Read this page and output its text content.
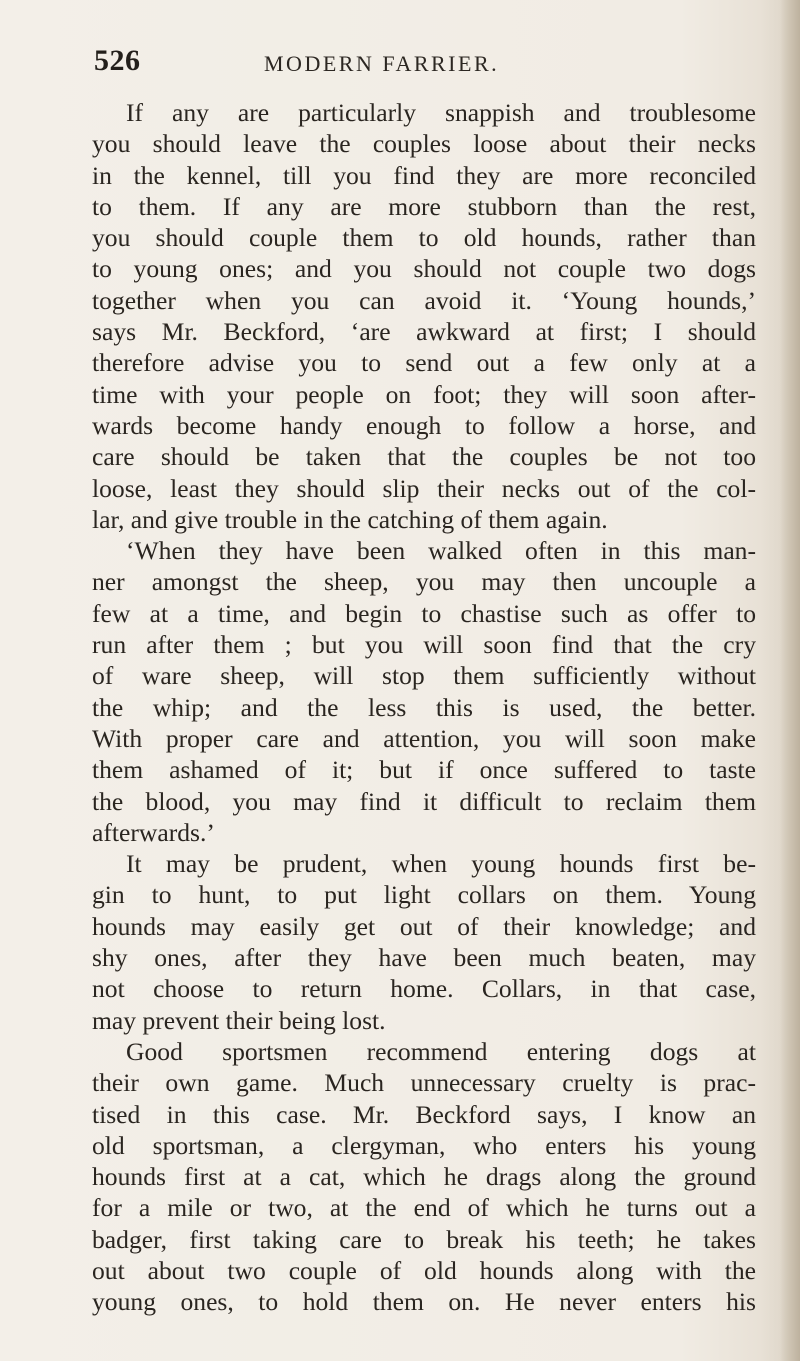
526	MODERN FARRIER.
If any are particularly snappish and troublesome
you should leave the couples loose about their necks
in the kennel, till you find they are more reconciled
to them. If any are more stubborn than the rest,
you should couple them to old hounds, rather than
to young ones; and you should not couple two dogs
together when you can avoid it. ‘Young hounds,’
says Mr. Beckford, ‘are awkward at first; I should
therefore advise you to send out a few only at a
time with your people on foot; they will soon after-
wards become handy enough to follow a horse, and
care should be taken that the couples be not too
loose, least they should slip their necks out of the col-
lar, and give trouble in the catching of them again.
‘When they have been walked often in this man-
ner amongst the sheep, you may then uncouple a
few at a time, and begin to chastise such as offer to
run after them ; but you will soon find that the cry
of ware sheep, will stop them sufficiently without
the whip; and the less this is used, the better.
With proper care and attention, you will soon make
them ashamed of it; but if once suffered to taste
the blood, you may find it difficult to reclaim them
afterwards.’
It may be prudent, when young hounds first be-
gin to hunt, to put light collars on them. Young
hounds may easily get out of their knowledge; and
shy ones, after they have been much beaten, may
not choose to return home. Collars, in that case,
may prevent their being lost.
Good sportsmen recommend entering dogs at
their own game. Much unnecessary cruelty is prac-
tised in this case. Mr. Beckford says, I know an
old sportsman, a clergyman, who enters his young
hounds first at a cat, which he drags along the ground
for a mile or two, at the end of which he turns out a
badger, first taking care to break his teeth; he takes
out about two couple of old hounds along with the
young ones, to hold them on. He never enters his
